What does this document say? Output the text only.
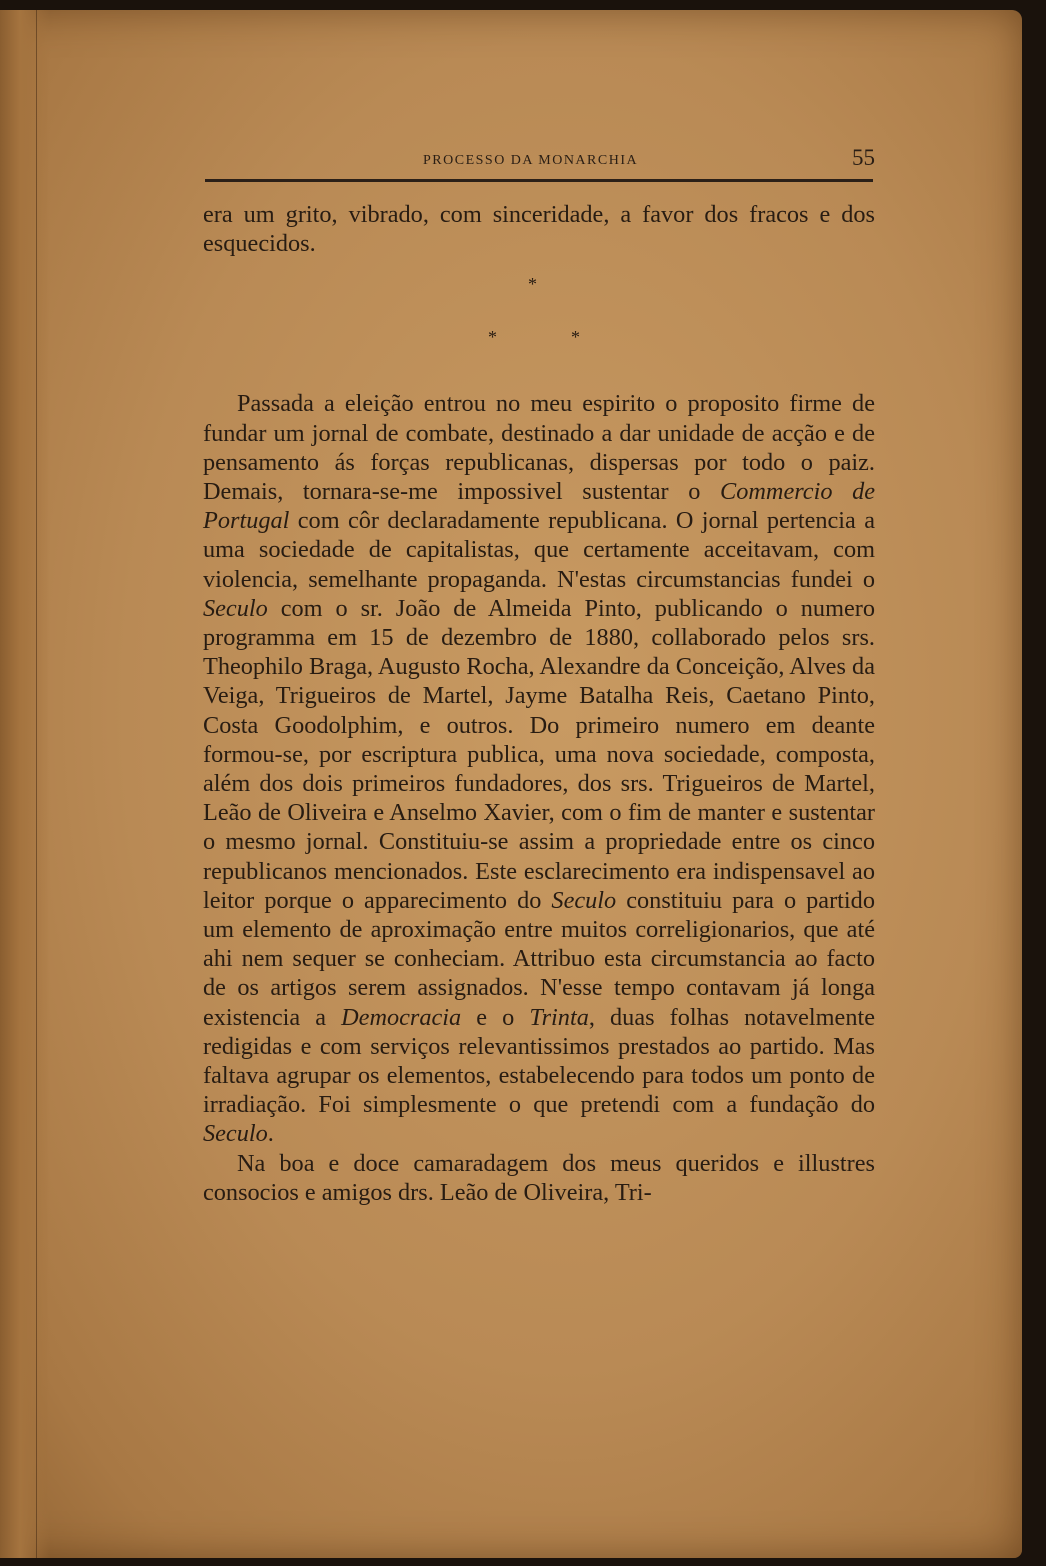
PROCESSO DA MONARCHIA	55

era um grito, vibrado, com sinceridade, a favor dos fracos e dos esquecidos.

*
*	*

Passada a eleição entrou no meu espirito o proposito firme de fundar um jornal de combate, destinado a dar unidade de acção e de pensamento ás forças republicanas, dispersas por todo o paiz. Demais, tornara-se-me impossivel sustentar o Commercio de Portugal com côr declaradamente republicana. O jornal pertencia a uma sociedade de capitalistas, que certamente acceitavam, com violencia, semelhante propaganda. N'estas circumstancias fundei o Seculo com o sr. João de Almeida Pinto, publicando o numero programma em 15 de dezembro de 1880, collaborado pelos srs. Theophilo Braga, Augusto Rocha, Alexandre da Conceição, Alves da Veiga, Trigueiros de Martel, Jayme Batalha Reis, Caetano Pinto, Costa Goodolphim, e outros. Do primeiro numero em deante formou-se, por escriptura publica, uma nova sociedade, composta, além dos dois primeiros fundadores, dos srs. Trigueiros de Martel, Leão de Oliveira e Anselmo Xavier, com o fim de manter e sustentar o mesmo jornal. Constituiu-se assim a propriedade entre os cinco republicanos mencionados. Este esclarecimento era indispensavel ao leitor porque o apparecimento do Seculo constituiu para o partido um elemento de aproximação entre muitos correligionarios, que até ahi nem sequer se conheciam. Attribuo esta circumstancia ao facto de os artigos serem assignados. N'esse tempo contavam já longa existencia a Democracia e o Trinta, duas folhas notavelmente redigidas e com serviços relevantissimos prestados ao partido. Mas faltava agrupar os elementos, estabelecendo para todos um ponto de irradiação. Foi simplesmente o que pretendi com a fundação do Seculo.

Na boa e doce camaradagem dos meus queridos e illustres consocios e amigos drs. Leão de Oliveira, Tri-
